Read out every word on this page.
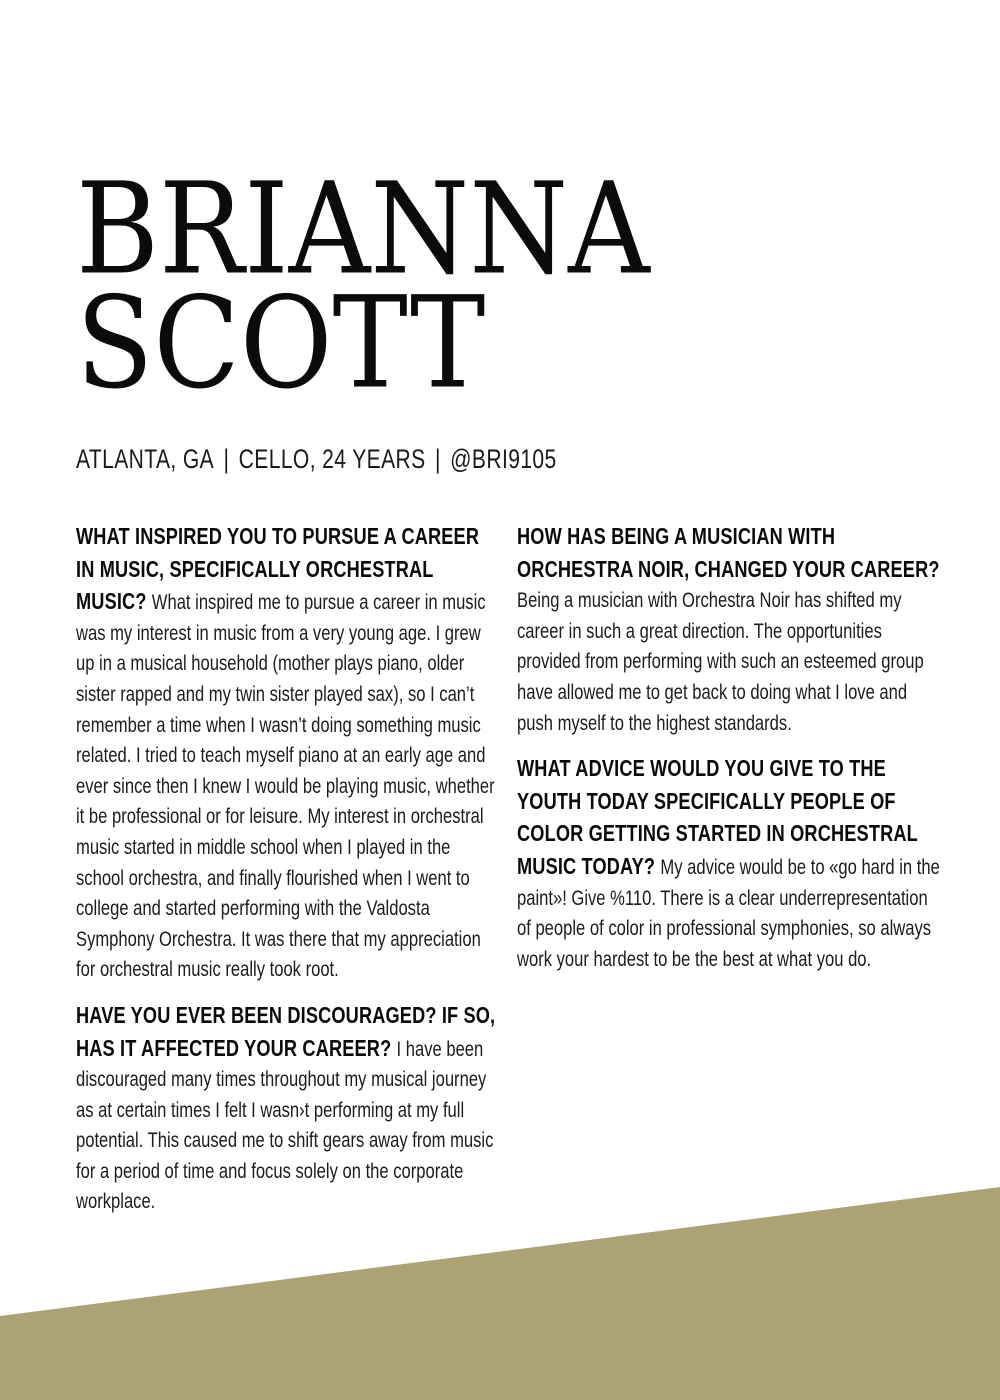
BRIANNA
SCOTT
ATLANTA, GA | CELLO, 24 YEARS | @BRI9105

WHAT INSPIRED YOU TO PURSUE A CAREER IN MUSIC, SPECIFICALLY ORCHESTRAL MUSIC? What inspired me to pursue a career in music was my interest in music from a very young age. I grew up in a musical household (mother plays piano, older sister rapped and my twin sister played sax), so I can’t remember a time when I wasn’t doing something music related. I tried to teach myself piano at an early age and ever since then I knew I would be playing music, whether it be professional or for leisure. My interest in orchestral music started in middle school when I played in the school orchestra, and finally flourished when I went to college and started performing with the Valdosta Symphony Orchestra. It was there that my appreciation for orchestral music really took root.

HAVE YOU EVER BEEN DISCOURAGED? IF SO, HAS IT AFFECTED YOUR CAREER? I have been discouraged many times throughout my musical journey as at certain times I felt I wasn›t performing at my full potential. This caused me to shift gears away from music for a period of time and focus solely on the corporate workplace.

HOW HAS BEING A MUSICIAN WITH ORCHESTRA NOIR, CHANGED YOUR CAREER? Being a musician with Orchestra Noir has shifted my career in such a great direction. The opportunities provided from performing with such an esteemed group have allowed me to get back to doing what I love and push myself to the highest standards.

WHAT ADVICE WOULD YOU GIVE TO THE YOUTH TODAY SPECIFICALLY PEOPLE OF COLOR GETTING STARTED IN ORCHESTRAL MUSIC TODAY? My advice would be to «go hard in the paint»! Give %110. There is a clear underrepresentation of people of color in professional symphonies, so always work your hardest to be the best at what you do.
